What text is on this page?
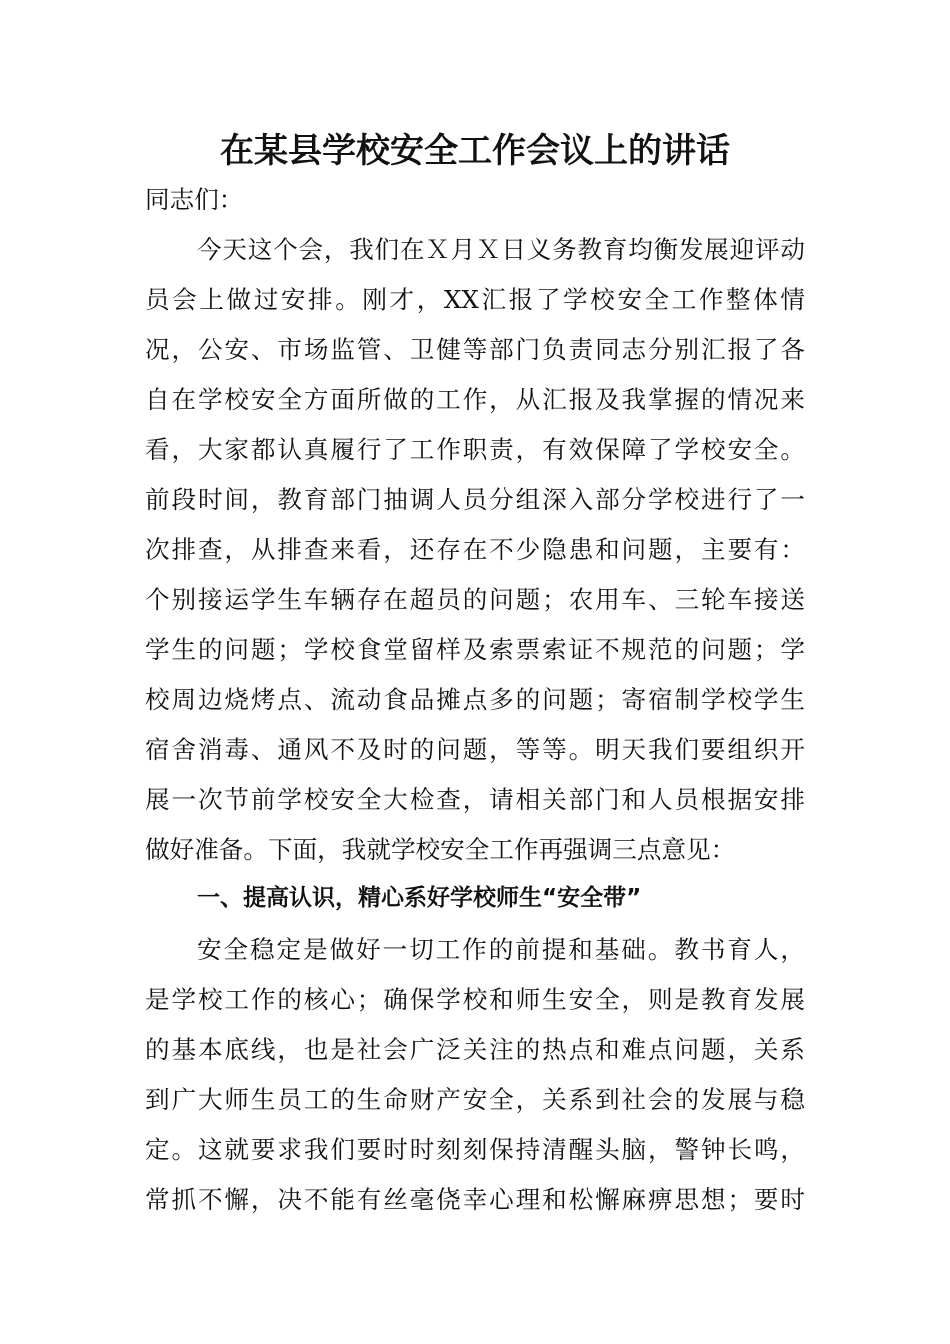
在某县学校安全工作会议上的讲话
同志们：
今天这个会，我们在Ｘ月Ｘ日义务教育均衡发展迎评动
员会上做过安排。刚才，XX汇报了学校安全工作整体情
况，公安、市场监管、卫健等部门负责同志分别汇报了各
自在学校安全方面所做的工作，从汇报及我掌握的情况来
看，大家都认真履行了工作职责，有效保障了学校安全。
前段时间，教育部门抽调人员分组深入部分学校进行了一
次排查，从排查来看，还存在不少隐患和问题，主要有：
个别接运学生车辆存在超员的问题；农用车、三轮车接送
学生的问题；学校食堂留样及索票索证不规范的问题；学
校周边烧烤点、流动食品摊点多的问题；寄宿制学校学生
宿舍消毒、通风不及时的问题，等等。明天我们要组织开
展一次节前学校安全大检查，请相关部门和人员根据安排
做好准备。下面，我就学校安全工作再强调三点意见：
一、提高认识，精心系好学校师生“安全带”
安全稳定是做好一切工作的前提和基础。教书育人，
是学校工作的核心；确保学校和师生安全，则是教育发展
的基本底线，也是社会广泛关注的热点和难点问题，关系
到广大师生员工的生命财产安全，关系到社会的发展与稳
定。这就要求我们要时时刻刻保持清醒头脑，警钟长鸣，
常抓不懈，决不能有丝毫侥幸心理和松懈麻痹思想；要时
